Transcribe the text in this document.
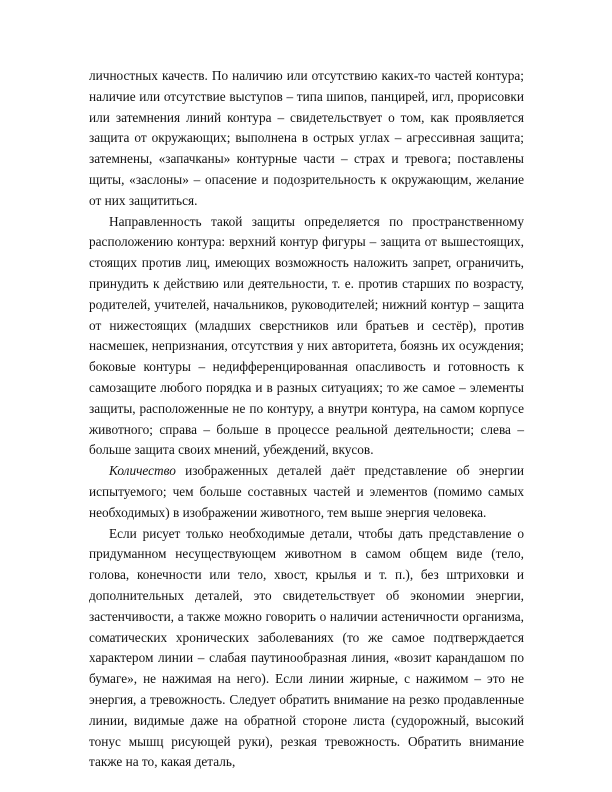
личностных качеств. По наличию или отсутствию каких-то частей контура; наличие или отсутствие выступов – типа шипов, панцирей, игл, прорисовки или затемнения линий контура – свидетельствует о том, как проявляется защита от окружающих; выполнена в острых углах – агрессивная защита; затемнены, «запачканы» контурные части – страх и тревога; поставлены щиты, «заслоны» – опасение и подозрительность к окружающим, желание от них защититься.

Направленность такой защиты определяется по пространственному расположению контура: верхний контур фигуры – защита от вышестоящих, стоящих против лиц, имеющих возможность наложить запрет, ограничить, принудить к действию или деятельности, т. е. против старших по возрасту, родителей, учителей, начальников, руководителей; нижний контур – защита от нижестоящих (младших сверстников или братьев и сестёр), против насмешек, непризнания, отсутствия у них авторитета, боязнь их осуждения; боковые контуры – недифференцированная опасливость и готовность к самозащите любого порядка и в разных ситуациях; то же самое – элементы защиты, расположенные не по контуру, а внутри контура, на самом корпусе животного; справа – больше в процессе реальной деятельности; слева – больше защита своих мнений, убеждений, вкусов.

Количество изображенных деталей даёт представление об энергии испытуемого; чем больше составных частей и элементов (помимо самых необходимых) в изображении животного, тем выше энергия человека.

Если рисует только необходимые детали, чтобы дать представление о придуманном несуществующем животном в самом общем виде (тело, голова, конечности или тело, хвост, крылья и т. п.), без штриховки и дополнительных деталей, это свидетельствует об экономии энергии, застенчивости, а также можно говорить о наличии астеничности организма, соматических хронических заболеваниях (то же самое подтверждается характером линии – слабая паутинообразная линия, «возит карандашом по бумаге», не нажимая на него). Если линии жирные, с нажимом – это не энергия, а тревожность. Следует обратить внимание на резко продавленные линии, видимые даже на обратной стороне листа (судорожный, высокий тонус мышц рисующей руки), резкая тревожность. Обратить внимание также на то, какая деталь,
